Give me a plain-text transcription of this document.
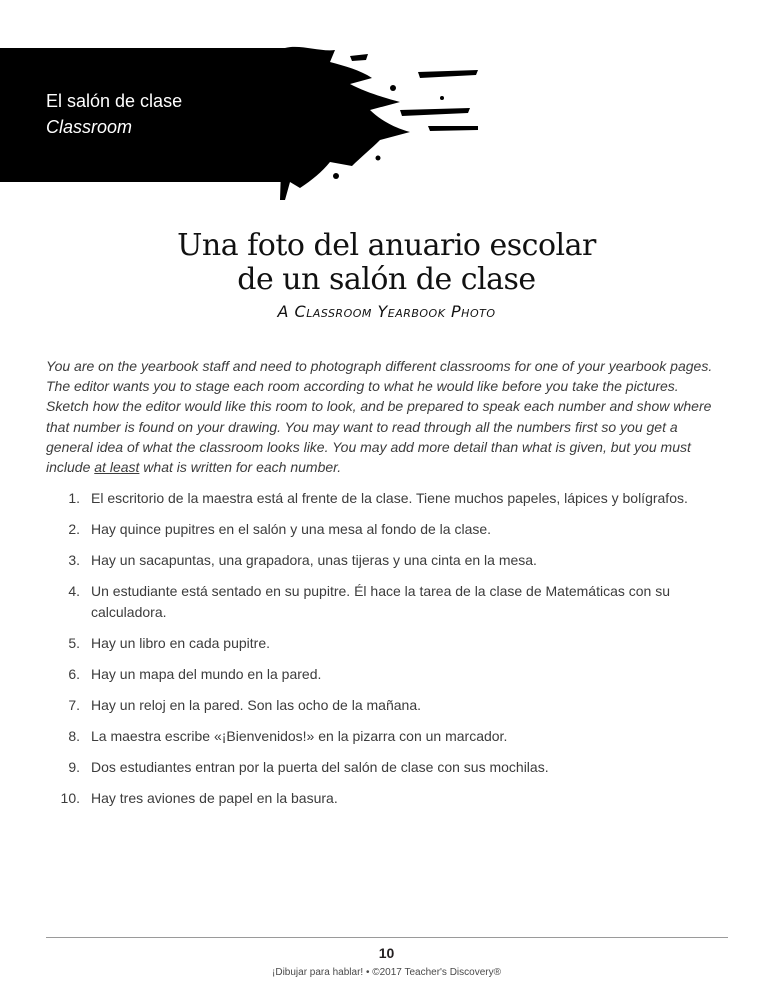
El salón de clase
Classroom
Una foto del anuario escolar
de un salón de clase
A Classroom Yearbook Photo
You are on the yearbook staff and need to photograph different classrooms for one of your yearbook pages. The editor wants you to stage each room according to what he would like before you take the pictures. Sketch how the editor would like this room to look, and be prepared to speak each number and show where that number is found on your drawing. You may want to read through all the numbers first so you get a general idea of what the classroom looks like. You may add more detail than what is given, but you must include at least what is written for each number.
1. El escritorio de la maestra está al frente de la clase. Tiene muchos papeles, lápices y bolígrafos.
2. Hay quince pupitres en el salón y una mesa al fondo de la clase.
3. Hay un sacapuntas, una grapadora, unas tijeras y una cinta en la mesa.
4. Un estudiante está sentado en su pupitre. Él hace la tarea de la clase de Matemáticas con su calculadora.
5. Hay un libro en cada pupitre.
6. Hay un mapa del mundo en la pared.
7. Hay un reloj en la pared. Son las ocho de la mañana.
8. La maestra escribe «¡Bienvenidos!» en la pizarra con un marcador.
9. Dos estudiantes entran por la puerta del salón de clase con sus mochilas.
10. Hay tres aviones de papel en la basura.
10
¡Dibujar para hablar! • ©2017 Teacher's Discovery®
